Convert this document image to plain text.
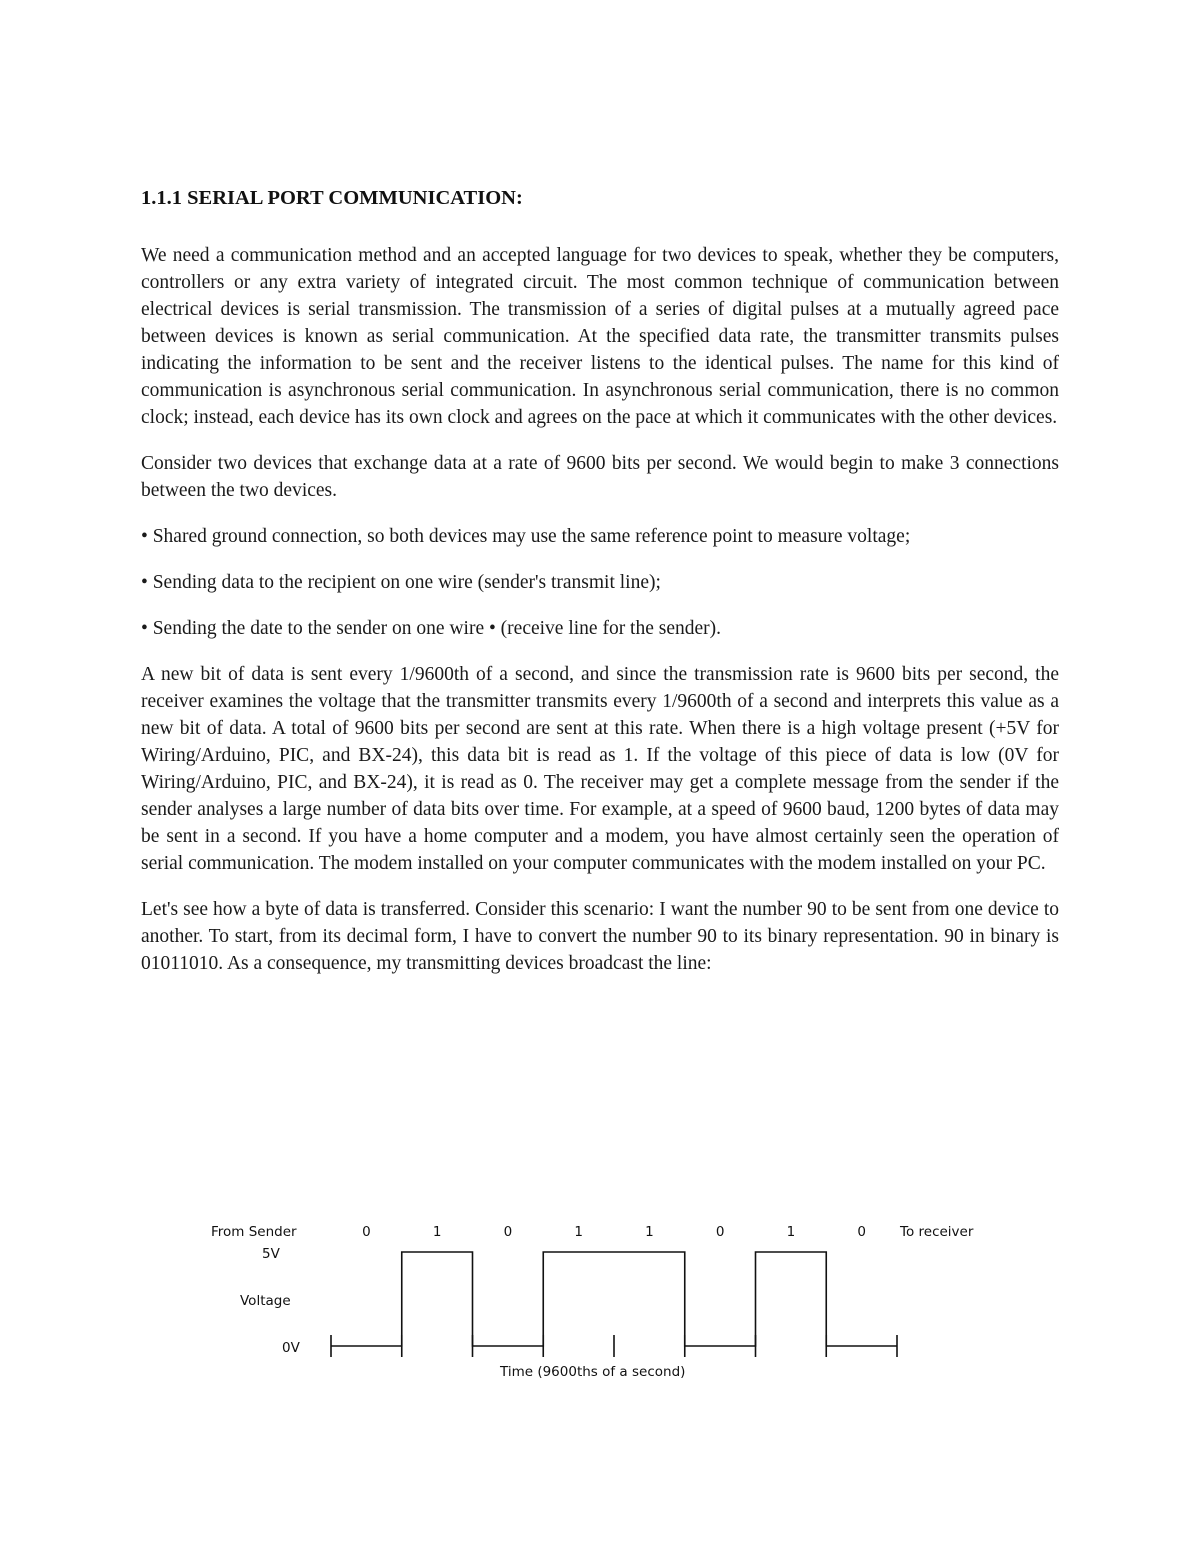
1.1.1 SERIAL PORT COMMUNICATION:

We need a communication method and an accepted language for two devices to speak, whether they be computers, controllers or any extra variety of integrated circuit. The most common technique of communication between electrical devices is serial transmission. The transmission of a series of digital pulses at a mutually agreed pace between devices is known as serial communication. At the specified data rate, the transmitter transmits pulses indicating the information to be sent and the receiver listens to the identical pulses. The name for this kind of communication is asynchronous serial communication. In asynchronous serial communication, there is no common clock; instead, each device has its own clock and agrees on the pace at which it communicates with the other devices.

Consider two devices that exchange data at a rate of 9600 bits per second. We would begin to make 3 connections between the two devices.

• Shared ground connection, so both devices may use the same reference point to measure voltage;

• Sending data to the recipient on one wire (sender's transmit line);

• Sending the date to the sender on one wire • (receive line for the sender).

A new bit of data is sent every 1/9600th of a second, and since the transmission rate is 9600 bits per second, the receiver examines the voltage that the transmitter transmits every 1/9600th of a second and interprets this value as a new bit of data. A total of 9600 bits per second are sent at this rate. When there is a high voltage present (+5V for Wiring/Arduino, PIC, and BX-24), this data bit is read as 1. If the voltage of this piece of data is low (0V for Wiring/Arduino, PIC, and BX-24), it is read as 0. The receiver may get a complete message from the sender if the sender analyses a large number of data bits over time. For example, at a speed of 9600 baud, 1200 bytes of data may be sent in a second. If you have a home computer and a modem, you have almost certainly seen the operation of serial communication. The modem installed on your computer communicates with the modem installed on your PC.

Let's see how a byte of data is transferred. Consider this scenario: I want the number 90 to be sent from one device to another. To start, from its decimal form, I have to convert the number 90 to its binary representation. 90 in binary is 01011010. As a consequence, my transmitting devices broadcast the line:

From Sender	To receiver
5V
Voltage
0V
Time (9600ths of a second)
0	1	0	1	1	0	1	0
